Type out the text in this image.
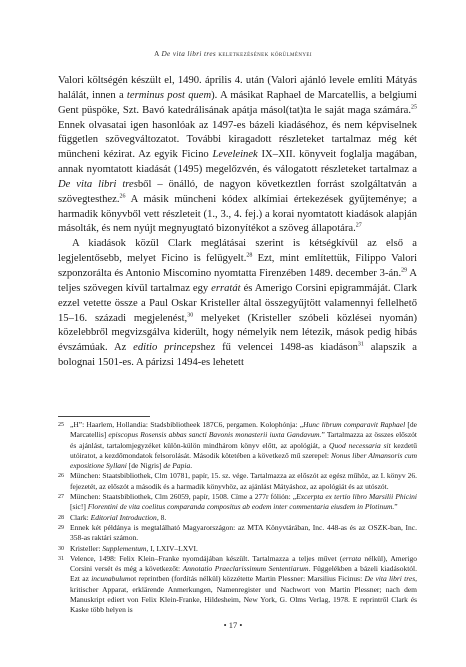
A De vita libri tres keletkezésének körülményei

Valori költségén készült el, 1490. április 4. után (Valori ajánló levele említi Mátyás halálát, innen a terminus post quem). A másikat Raphael de Marcatellis, a belgiumi Gent püspöke, Szt. Bavó katedrálisának apátja másol(tat)ta le saját maga számára.$^{25}$ Ennek olvasatai igen hasonlóak az 1497-es bázeli kiadáséhoz, és nem képviselnek független szövegváltozatot. További kiragadott részleteket tartalmaz még két müncheni kézirat. Az egyik Ficino Leveleinek IX–XII. könyveit foglalja magában, annak nyomtatott kiadását (1495) megelőzvén, és válogatott részleteket tartalmaz a De vita libri tresből – önálló, de nagyon következtlen forrást szolgáltatván a szövegtesthez.$^{26}$ A másik müncheni kódex alkímiai értekezések gyűjteménye; a harmadik könyvből vett részleteit (1., 3., 4. fej.) a korai nyomtatott kiadások alapján másolták, és nem nyújt megnyugtató bizonyítékot a szöveg állapotára.$^{27}$

A kiadások közül Clark meglátásai szerint is kétségkívül az első a legjelentősebb, melyet Ficino is felügyelt.$^{28}$ Ezt, mint említettük, Filippo Valori szponzorálta és Antonio Miscomino nyomtatta Firenzében 1489. december 3-án.$^{29}$ A teljes szövegen kívül tartalmaz egy erratát és Amerigo Corsini epigrammáját. Clark ezzel vetette össze a Paul Oskar Kristeller által összegyűjtött valamennyi fellelhető 15–16. századi megjelenést,$^{30}$ melyeket (Kristeller szóbeli közlései nyomán) közelebbről megvizsgálva kiderült, hogy némelyik nem létezik, mások pedig hibás évszámúak. Az editio princepshez fű velencei 1498-as kiadáson$^{31}$ alapszik a bolognai 1501-es. A párizsi 1494-es lehetett

25 „H”: Haarlem, Hollandia: Stadsbibliotheek 187C6, pergamen. Kolophónja: „Hunc librum comparavit Raphael [de Marcatellis] episcopus Rosensis abbas sancti Bavonis monasterii iuxta Gandavum.” Tartalmazza az összes előszót és ajánlást, tartalomjegyzéket külön-külön mindhárom könyv előtt, az apológiát, a Quod necessaria sit kezdetű utóiratot, a kezdőmondatok felsorolását. Második kötetében a következő mű szerepel: Nonus liber Almansoris cum expositione Syllani [de Nigris] de Papia.
26 München: Staatsbibliothek, Clm 10781, papír, 15. sz. vége. Tartalmazza az előszót az egész műhöz, az I. könyv 26. fejezetét, az előszót a második és a harmadik könyvhöz, az ajánlást Mátyáshoz, az apológiát és az utószót.
27 München: Staatsbibliothek, Clm 26059, papír, 1508. Címe a 277r fólión: „Excerpta ex tertio libro Marsilii Phicini [sic!] Florentini de vita coelitus comparanda compositus ab eodem inter commentaria eiusdem in Plotinum.”
28 Clark: Editorial Introduction, 8.
29 Ennek két példánya is megtalálható Magyarországon: az MTA Könyvtárában, Inc. 448-as és az OSZK-ban, Inc. 358-as raktári számon.
30 Kristeller: Supplementum, I, LXIV–LXVI.
31 Velence, 1498: Felix Klein–Franke nyomdájában készült. Tartalmazza a teljes művet (errata nélkül), Amerigo Corsini versét és még a következőt: Annotatio Praeclarissimum Sententiarum. Függelékben a bázeli kiadásoktól. Ezt az incunabulumot reprintben (fordítás nélkül) közzétette Martin Plessner: Marsilius Ficinus: De vita libri tres, kritischer Apparat, erklärende Anmerkungen, Namenregister und Nachwort von Martin Plessner; nach dem Manuskript ediert von Felix Klein-Franke, Hildesheim, New York, G. Olms Verlag, 1978. E reprintről Clark és Kaske több helyen is
• 17 •
